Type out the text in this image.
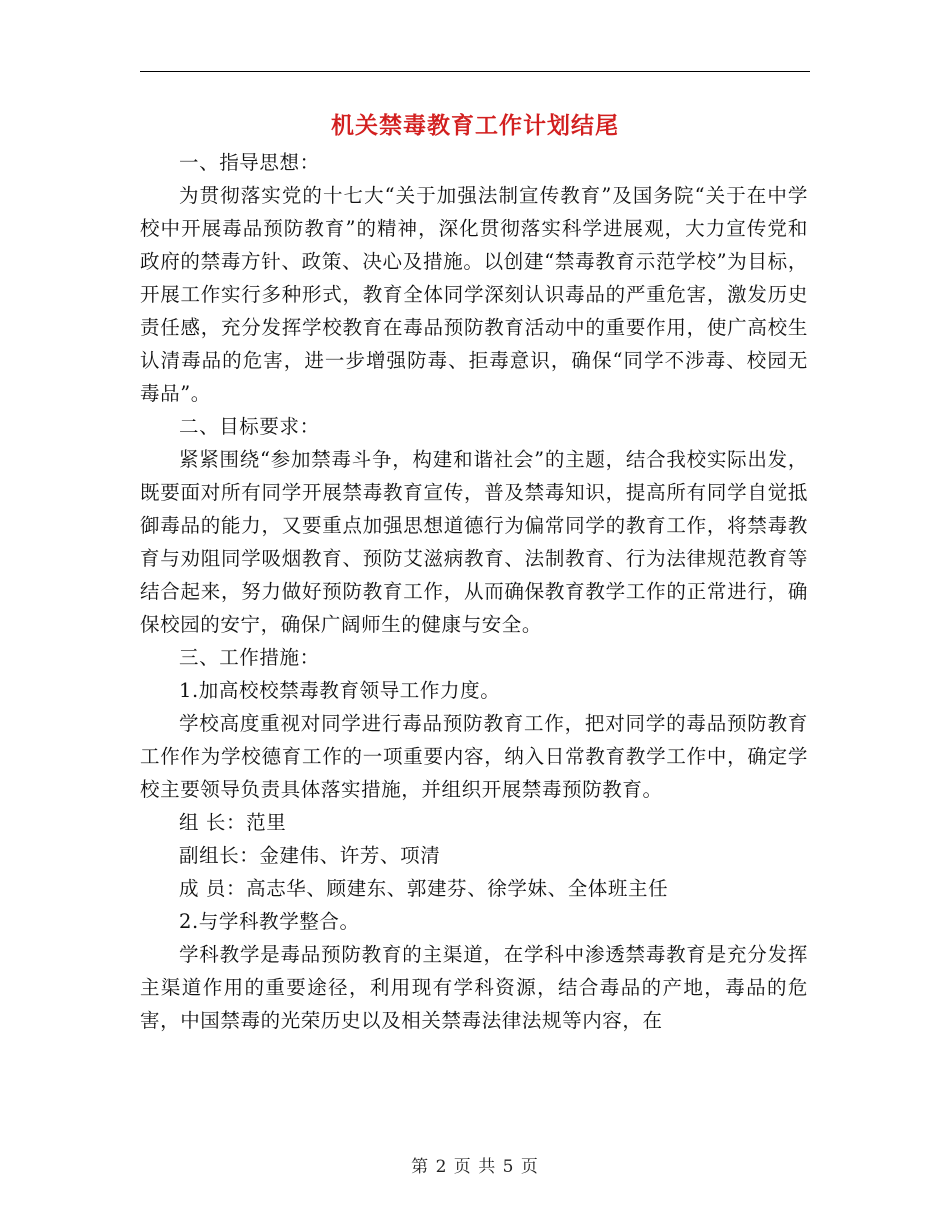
机关禁毒教育工作计划结尾

一、指导思想：

为贯彻落实党的十七大“关于加强法制宣传教育”及国务院“关于在中学校中开展毒品预防教育”的精神，深化贯彻落实科学进展观，大力宣传党和政府的禁毒方针、政策、决心及措施。以创建“禁毒教育示范学校”为目标，开展工作实行多种形式，教育全体同学深刻认识毒品的严重危害，激发历史责任感，充分发挥学校教育在毒品预防教育活动中的重要作用，使广高校生认清毒品的危害，进一步增强防毒、拒毒意识，确保“同学不涉毒、校园无毒品”。

二、目标要求：

紧紧围绕“参加禁毒斗争，构建和谐社会”的主题，结合我校实际出发， 既要面对所有同学开展禁毒教育宣传，普及禁毒知识，提高所有同学自觉抵御毒品的能力，又要重点加强思想道德行为偏常同学的教育工作，将禁毒教育与劝阻同学吸烟教育、预防艾滋病教育、法制教育、行为法律规范教育等结合起来，努力做好预防教育工作，从而确保教育教学工作的正常进行，确保校园的安宁，确保广阔师生的健康与安全。

三、工作措施：

1.加高校校禁毒教育领导工作力度。

学校高度重视对同学进行毒品预防教育工作，把对同学的毒品预防教育工作作为学校德育工作的一项重要内容，纳入日常教育教学工作中，确定学校主要领导负责具体落实措施，并组织开展禁毒预防教育。

组 长：范里

副组长：金建伟、许芳、项清

成 员：高志华、顾建东、郭建芬、徐学妹、全体班主任

2.与学科教学整合。

学科教学是毒品预防教育的主渠道，在学科中渗透禁毒教育是充分发挥主渠道作用的重要途径，利用现有学科资源，结合毒品的产地，毒品的危害，中国禁毒的光荣历史以及相关禁毒法律法规等内容，在

第 2 页 共 5 页
